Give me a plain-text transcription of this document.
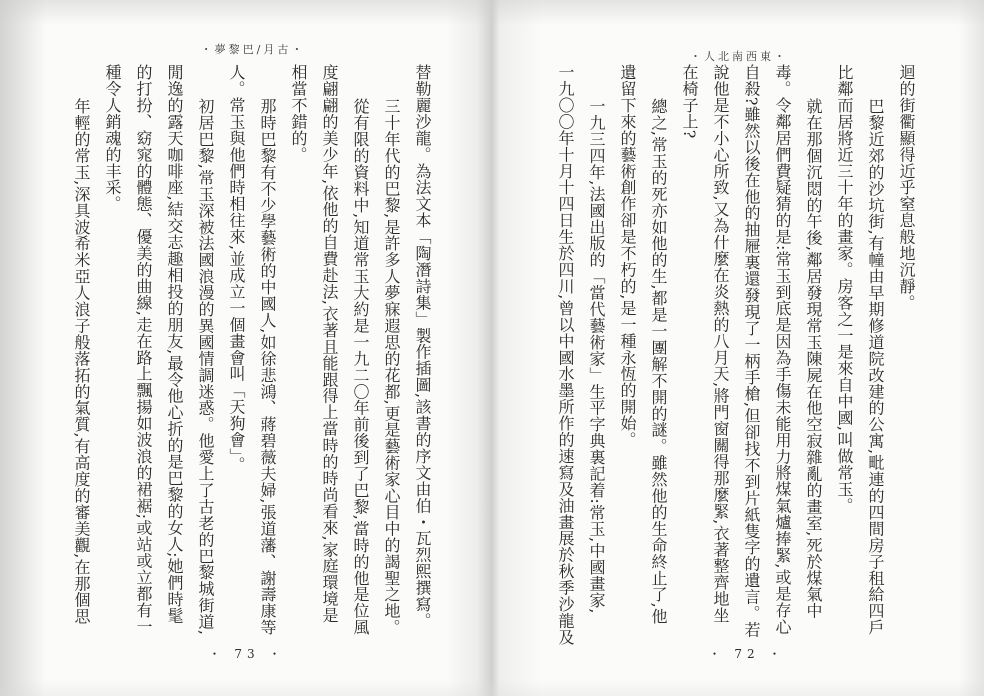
・夢黎巴/月古・
・人北南西東・
替勒麗沙龍。為法文本「陶潛詩集」製作插圖,該書的序文由伯・瓦烈熙撰寫。
三十年代的巴黎,是許多人夢寐遐思的花都,更是藝術家心目中的謁聖之地。
從有限的資料中,知道常玉大約是一九二〇年前後到了巴黎,當時的他是位風
度翩翩的美少年,依他的自費赴法,衣著且能跟得上當時的時尚看來,家庭環境是
相當不錯的。
那時巴黎有不少學藝術的中國人,如徐悲鴻、蔣碧薇夫婦,張道藩、謝壽康等
人。常玉與他們時相往來,並成立一個畫會叫「天狗會」。
初居巴黎,常玉深被法國浪漫的異國情調迷惑。他愛上了古老的巴黎城街道,
閒逸的露天咖啡座,結交志趣相投的朋友,最令他心折的是巴黎的女人;她們時髦
的打扮、窈窕的體態、優美的曲線,走在路上飄揚如波浪的裙裾;或站或立都有一
種令人銷魂的丰采。
年輕的常玉,深具波希米亞人浪子般落拓的氣質,有高度的審美觀,在那個思	迴的街衢顯得近乎窒息般地沉靜。
巴黎近郊的沙坑街,有幢由早期修道院改建的公寓,毗連的四間房子租給四戶
比鄰而居將近三十年的畫家。房客之一是來自中國,叫做常玉。
就在那個沉悶的午後,鄰居發現常玉陳屍在他空寂雜亂的畫室,死於煤氣中
毒。令鄰居們費疑猜的是:常玉到底是因為手傷未能用力將煤氣爐捧緊,或是存心
自殺?雖然以後在他的抽屜裏還發現了一柄手槍,但卻找不到片紙隻字的遺言。若
說他是不小心所致,又為什麼在炎熱的八月天,將門窗關得那麼緊,衣著整齊地坐
在椅子上?
總之,常玉的死亦如他的生,都是一團解不開的謎。雖然他的生命終止了,他
遺留下來的藝術創作卻是不朽的,是一種永恆的開始。
一九三四年,法國出版的「當代藝術家」生平字典裏記着:常玉,中國畫家,
一九〇〇年十月十四日生於四川,曾以中國水墨所作的速寫及油畫展於秋季沙龍及
・ 73 ・	・ 72 ・
